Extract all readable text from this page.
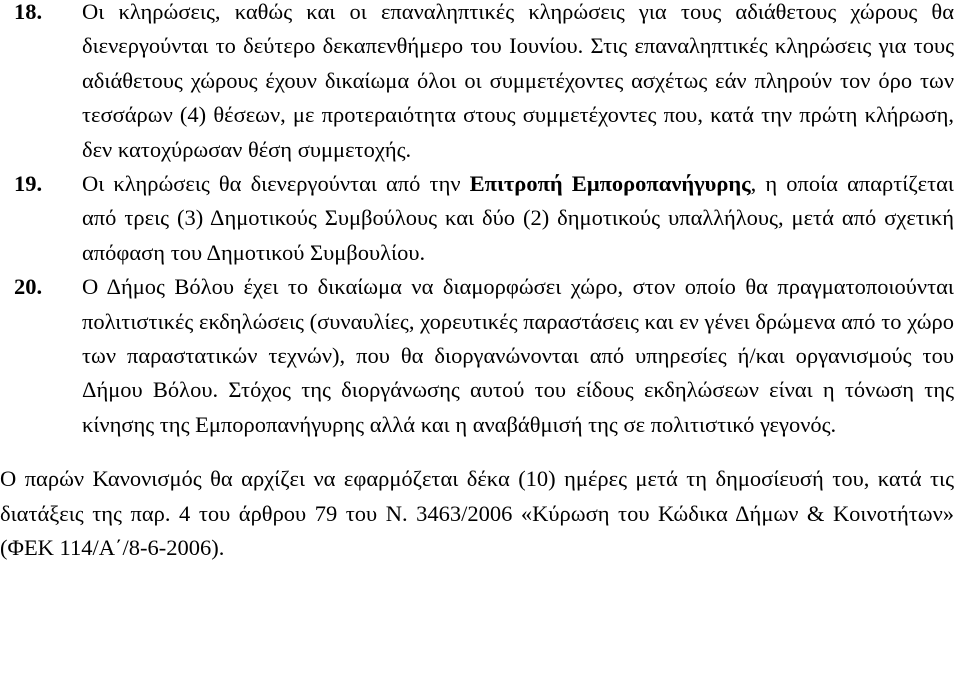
18. Οι κληρώσεις, καθώς και οι επαναληπτικές κληρώσεις για τους αδιάθετους χώρους θα διενεργούνται το δεύτερο δεκαπενθήμερο του Ιουνίου. Στις επαναληπτικές κληρώσεις για τους αδιάθετους χώρους έχουν δικαίωμα όλοι οι συμμετέχοντες ασχέτως εάν πληρούν τον όρο των τεσσάρων (4) θέσεων, με προτεραιότητα στους συμμετέχοντες που, κατά την πρώτη κλήρωση, δεν κατοχύρωσαν θέση συμμετοχής.
19. Οι κληρώσεις θα διενεργούνται από την Επιτροπή Εμποροπανήγυρης, η οποία απαρτίζεται από τρεις (3) Δημοτικούς Συμβούλους και δύο (2) δημοτικούς υπαλλήλους, μετά από σχετική απόφαση του Δημοτικού Συμβουλίου.
20. Ο Δήμος Βόλου έχει το δικαίωμα να διαμορφώσει χώρο, στον οποίο θα πραγματοποιούνται πολιτιστικές εκδηλώσεις (συναυλίες, χορευτικές παραστάσεις και εν γένει δρώμενα από το χώρο των παραστατικών τεχνών), που θα διοργανώνονται από υπηρεσίες ή/και οργανισμούς του Δήμου Βόλου. Στόχος της διοργάνωσης αυτού του είδους εκδηλώσεων είναι η τόνωση της κίνησης της Εμποροπανήγυρης αλλά και η αναβάθμισή της σε πολιτιστικό γεγονός.
Ο παρών Κανονισμός θα αρχίζει να εφαρμόζεται δέκα (10) ημέρες μετά τη δημοσίευσή του, κατά τις διατάξεις της παρ. 4 του άρθρου 79 του Ν. 3463/2006 «Κύρωση του Κώδικα Δήμων & Κοινοτήτων» (ΦΕΚ 114/Α΄/8-6-2006).
